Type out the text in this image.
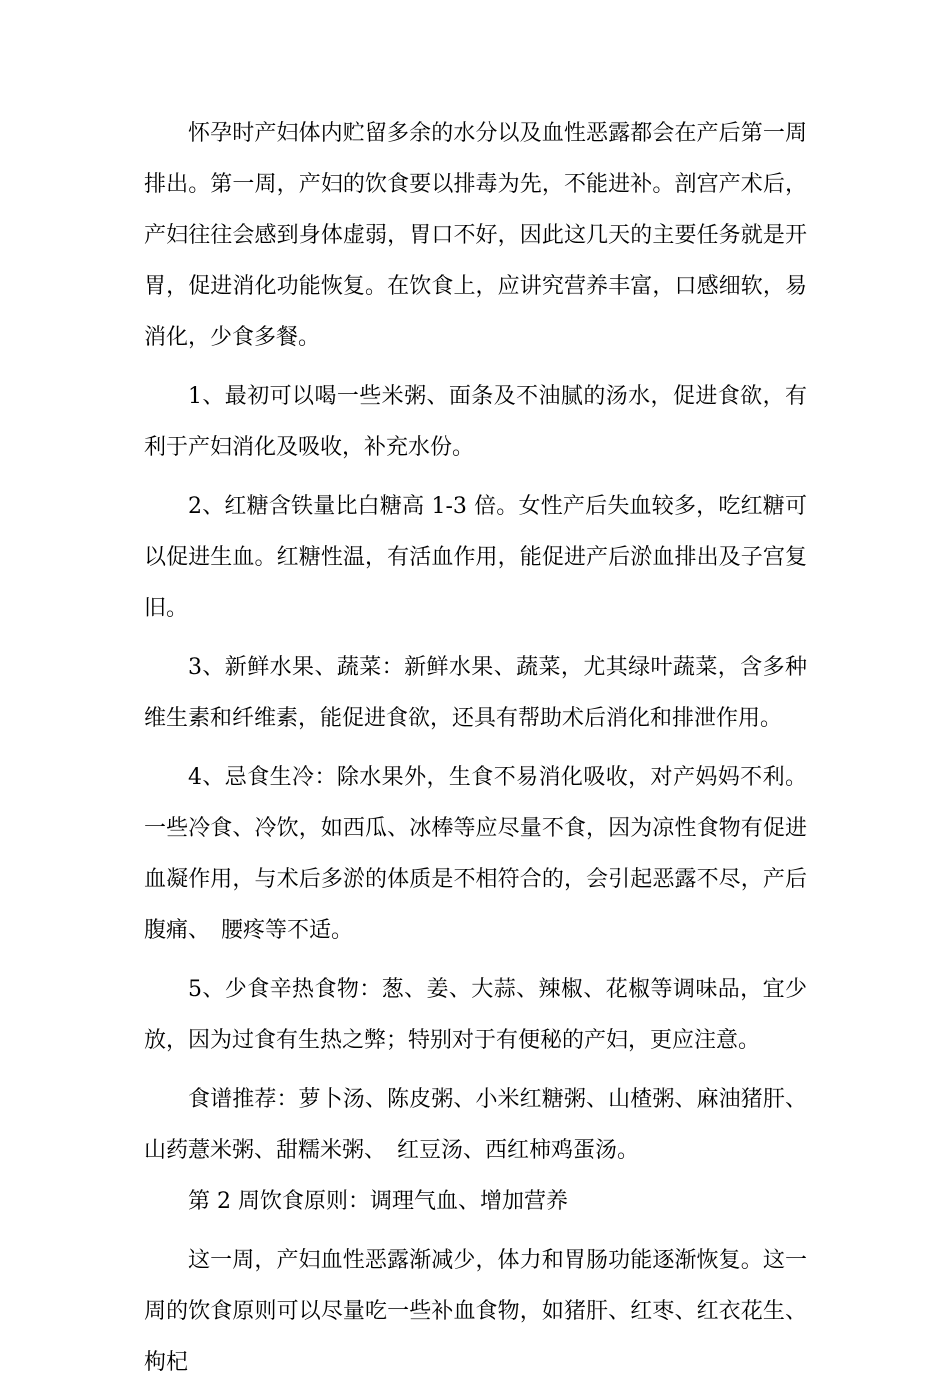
怀孕时产妇体内贮留多余的水分以及血性恶露都会在产后第一周排出。第一周，产妇的饮食要以排毒为先，不能进补。剖宫产术后，产妇往往会感到身体虚弱，胃口不好，因此这几天的主要任务就是开胃，促进消化功能恢复。在饮食上，应讲究营养丰富，口感细软，易消化，少食多餐。

1、最初可以喝一些米粥、面条及不油腻的汤水，促进食欲，有利于产妇消化及吸收，补充水份。

2、红糖含铁量比白糖高 1-3 倍。女性产后失血较多，吃红糖可以促进生血。红糖性温，有活血作用，能促进产后淤血排出及子宫复旧。

3、新鲜水果、蔬菜：新鲜水果、蔬菜，尤其绿叶蔬菜，含多种维生素和纤维素，能促进食欲，还具有帮助术后消化和排泄作用。

4、忌食生冷：除水果外，生食不易消化吸收，对产妈妈不利。一些冷食、冷饮，如西瓜、冰棒等应尽量不食，因为凉性食物有促进血凝作用，与术后多淤的体质是不相符合的，会引起恶露不尽，产后腹痛、　腰疼等不适。

5、少食辛热食物：葱、姜、大蒜、辣椒、花椒等调味品，宜少放，因为过食有生热之弊；特别对于有便秘的产妇，更应注意。

食谱推荐：萝卜汤、陈皮粥、小米红糖粥、山楂粥、麻油猪肝、山药薏米粥、甜糯米粥、　红豆汤、西红柿鸡蛋汤。

第 2 周饮食原则：调理气血、增加营养

这一周，产妇血性恶露渐减少，体力和胃肠功能逐渐恢复。这一周的饮食原则可以尽量吃一些补血食物，如猪肝、红枣、红衣花生、枸杞
